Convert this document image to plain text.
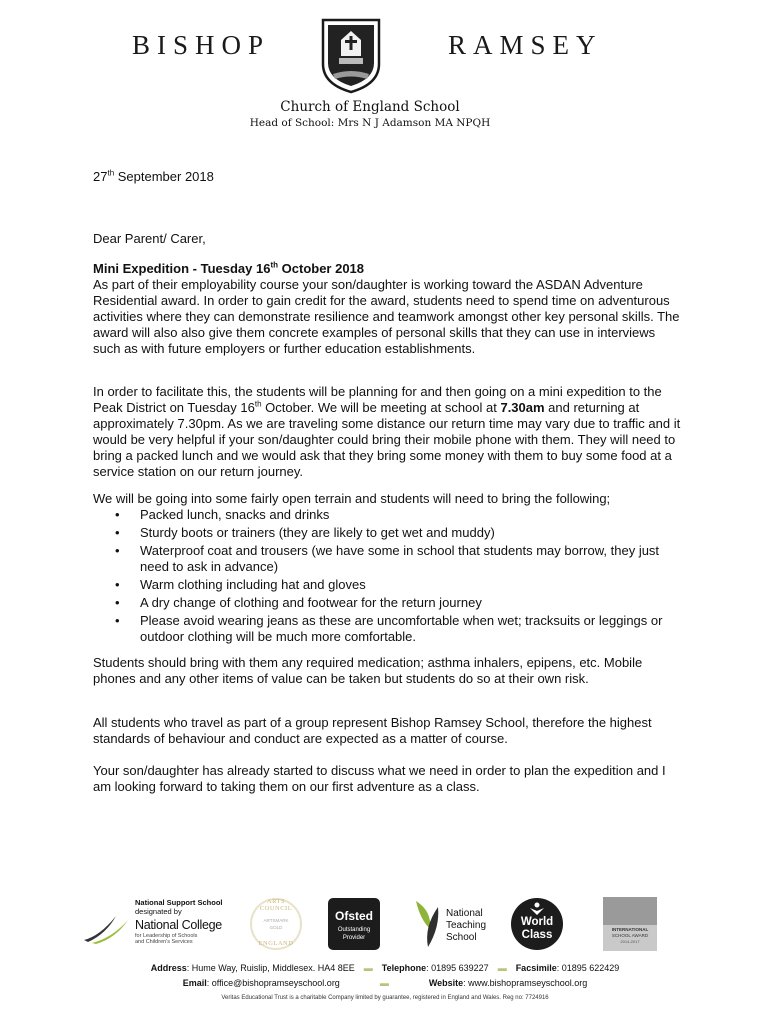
BISHOP	RAMSEY
Church of England School
Head of School: Mrs N J Adamson MA NPQH
27th September 2018
Dear Parent/ Carer,

Mini Expedition - Tuesday 16th October 2018

As part of their employability course your son/daughter is working toward the ASDAN Adventure Residential award. In order to gain credit for the award, students need to spend time on adventurous activities where they can demonstrate resilience and teamwork amongst other key personal skills. The award will also also give them concrete examples of personal skills that they can use in interviews such as with future employers or further education establishments.

In order to facilitate this, the students will be planning for and then going on a mini expedition to the Peak District on Tuesday 16th October. We will be meeting at school at 7.30am and returning at approximately 7.30pm. As we are traveling some distance our return time may vary due to traffic and it would be very helpful if your son/daughter could bring their mobile phone with them. They will need to bring a packed lunch and we would ask that they bring some money with them to buy some food at a service station on our return journey.

We will be going into some fairly open terrain and students will need to bring the following;

• Packed lunch, snacks and drinks
• Sturdy boots or trainers (they are likely to get wet and muddy)
• Waterproof coat and trousers (we have some in school that students may borrow, they just need to ask in advance)
• Warm clothing including hat and gloves
• A dry change of clothing and footwear for the return journey
• Please avoid wearing jeans as these are uncomfortable when wet; tracksuits or leggings or outdoor clothing will be much more comfortable.
Students should bring with them any required medication; asthma inhalers, epipens, etc. Mobile phones and any other items of value can be taken but students do so at their own risk.
All students who travel as part of a group represent Bishop Ramsey School, therefore the highest standards of behaviour and conduct are expected as a matter of course.
Your son/daughter has already started to discuss what we need in order to plan the expedition and I am looking forward to taking them on our first adventure as a class.
National Support School
designated by
National College
for Leadership of Schools
and Children's Services
ARTS COUNCIL
ARTSMARK
GOLD
ENGLAND
Ofsted
Outstanding
Provider
National
Teaching
School
World
Class	INTERNATIONAL
SCHOOL AWARD
2014-2017
Address: Hume Way, Ruislip, Middlesex. HA4 8EE ▬ Telephone: 01895 639227 ▬ Facsimile: 01895 622429
Email: office@bishopramseyschool.org	▬	Website: www.bishopramseyschool.org
Veritas Educational Trust is a charitable Company limited by guarantee, registered in England and Wales. Reg no: 7724916
